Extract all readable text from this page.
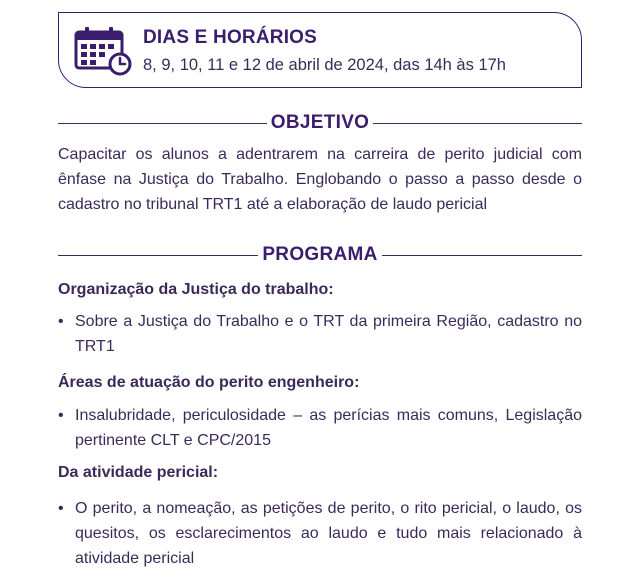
DIAS E HORÁRIOS
8, 9, 10, 11 e 12 de abril de 2024, das 14h às 17h
OBJETIVO
Capacitar os alunos a adentrarem na carreira de perito judicial com ênfase na Justiça do Trabalho. Englobando o passo a passo desde o cadastro no tribunal TRT1 até a elaboração de laudo pericial
PROGRAMA
Organização da Justiça do trabalho:
• Sobre a Justiça do Trabalho e o TRT da primeira Região, cadastro no TRT1
Áreas de atuação do perito engenheiro:
• Insalubridade, periculosidade – as perícias mais comuns, Legislação pertinente CLT e CPC/2015
Da atividade pericial:
• O perito, a nomeação, as petições de perito, o rito pericial, o laudo, os quesitos, os esclarecimentos ao laudo e tudo mais relacionado à atividade pericial
